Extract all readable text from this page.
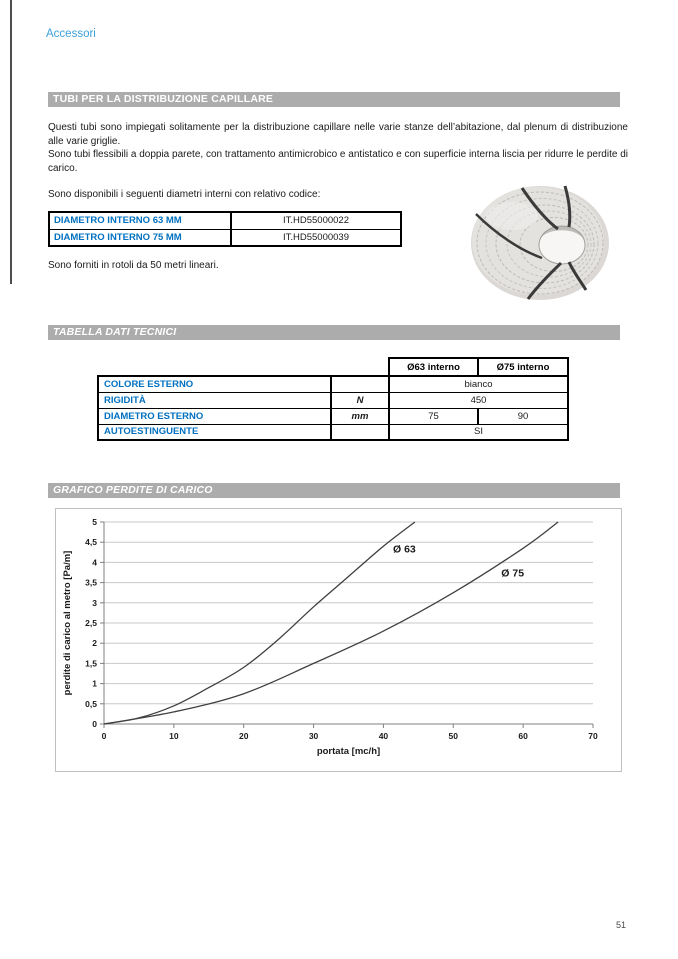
Accessori
TUBI PER LA DISTRIBUZIONE CAPILLARE

Questi tubi sono impiegati solitamente per la distribuzione capillare nelle varie stanze dell’abitazione, dal plenum di distribuzione alle varie griglie.

Sono tubi flessibili a doppia parete, con trattamento antimicrobico e antistatico e con superficie interna liscia per ridurre le perdite di carico.

Sono disponibili i seguenti diametri interni con relativo codice:

DIAMETRO INTERNO 63 MM	IT.HD55000022
DIAMETRO INTERNO 75 MM	IT.HD55000039
Sono forniti in rotoli da 50 metri lineari.
TABELLA DATI TECNICI
		Ø63 interno	Ø75 interno
COLORE ESTERNO		bianco	
RIGIDITÀ	N	450	
DIAMETRO ESTERNO	mm	75	90
AUTOESTINGUENTE		SI	
GRAFICO PERDITE DI CARICO
0
0,5
1
1,5
2
2,5
3
3,5
4
4,5
5
0	10	20	30	40	50	60	70
Ø 63
Ø 75
portata [mc/h]
perdite di carico al metro [Pa/m]
51
